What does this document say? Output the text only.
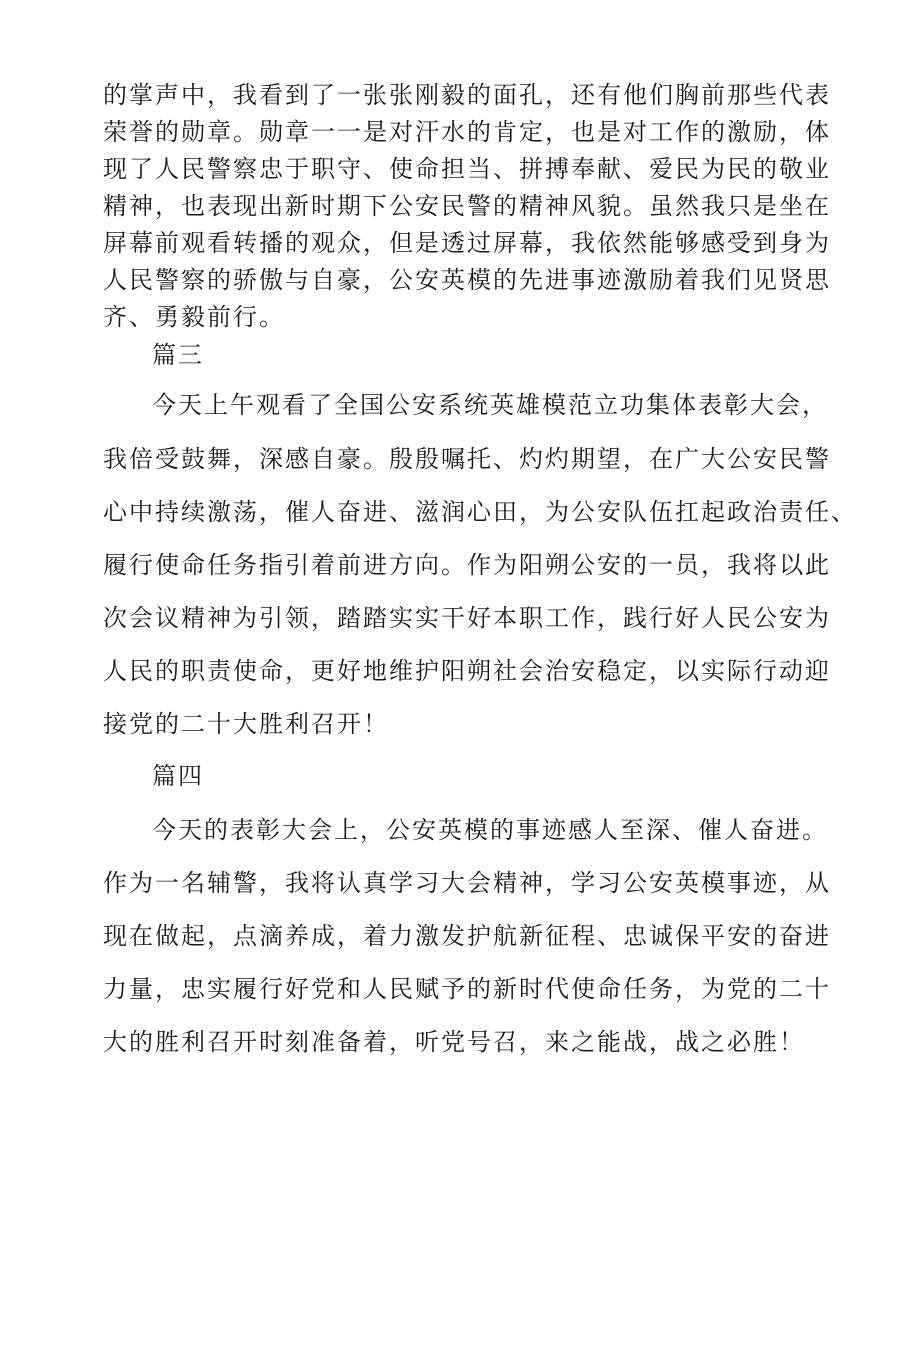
的掌声中，我看到了一张张刚毅的面孔，还有他们胸前那些代表
荣誉的勋章。勋章一一是对汗水的肯定，也是对工作的激励，体
现了人民警察忠于职守、使命担当、拼搏奉献、爱民为民的敬业
精神，也表现出新时期下公安民警的精神风貌。虽然我只是坐在
屏幕前观看转播的观众，但是透过屏幕，我依然能够感受到身为
人民警察的骄傲与自豪，公安英模的先进事迹激励着我们见贤思
齐、勇毅前行。
篇三
今天上午观看了全国公安系统英雄模范立功集体表彰大会，
我倍受鼓舞，深感自豪。殷殷嘱托、灼灼期望，在广大公安民警
心中持续激荡，催人奋进、滋润心田，为公安队伍扛起政治责任、
履行使命任务指引着前进方向。作为阳朔公安的一员，我将以此
次会议精神为引领，踏踏实实干好本职工作，践行好人民公安为
人民的职责使命，更好地维护阳朔社会治安稳定，以实际行动迎
接党的二十大胜利召开！
篇四
今天的表彰大会上，公安英模的事迹感人至深、催人奋进。
作为一名辅警，我将认真学习大会精神，学习公安英模事迹，从
现在做起，点滴养成，着力激发护航新征程、忠诚保平安的奋进
力量，忠实履行好党和人民赋予的新时代使命任务，为党的二十
大的胜利召开时刻准备着，听党号召，来之能战，战之必胜！
